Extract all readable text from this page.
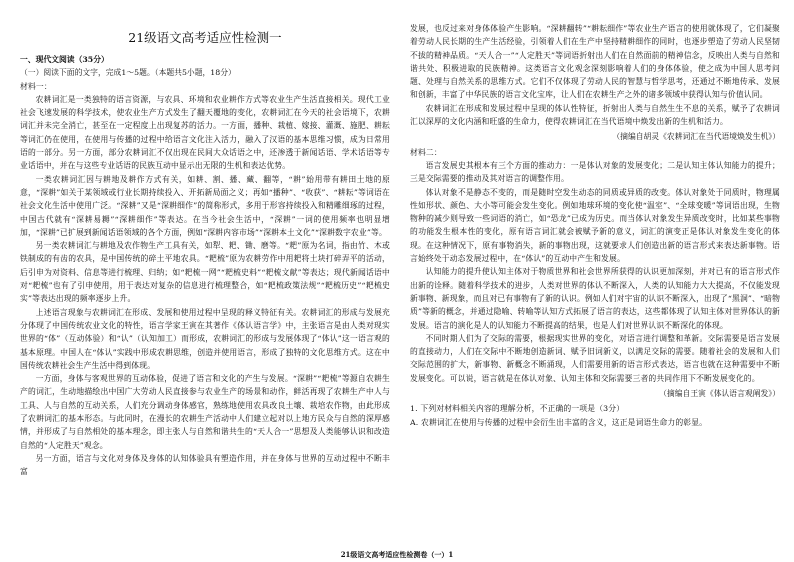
21级语文高考适应性检测一
一、现代文阅读（35分）
（一）阅读下面的文字，完成1～5题。（本题共5小题，18分）

材料一：

农耕词汇是一类独特的语言资源，与农具、环境和农业耕作方式等农业生产生活直接相关。现代工业社会飞速发展的科学技术，使农业生产方式发生了翻天覆地的变化，农耕词汇在今天的社会语境下，农耕词汇并未完全消亡，甚至在一定程度上出现复苏的活力。一方面，播种、栽植、嫁接、灌溉、施肥、耕耘等词汇仍在使用，在使用与传播的过程中给语言文化注入活力，融入了汉语的基本思维习惯，成为日常用语的一部分。另一方面，部分农耕词汇不仅出现在民间大众话语之中，还渗透于新闻话语、学术话语等专业话语中，并在与这些专业话语的民族互动中显示出无限的生机和表达优势。

一类农耕词汇因与耕地及耕作方式有关，如耕、割、播、藏、翻等，“耕”始用带有耕田土地的原意，“深耕”如关于某领域或行业长期持续投入、开拓新局面之义；再如“播种”、“收获”、“耕耘”等词语在社会文化生活中使用广泛。“深耕”又是“深耕细作”的简称形式，多用于形容持续投入和精雕细琢的过程，中国古代就有“深耕易耨”“深耕细作”等表达。在当今社会生活中，“深耕”一词的使用频率也明显增加，“深耕”已扩展到新闻话语领域的各个方面，例如“深耕内容市场”“深耕本土文化”“深耕数字农业”等。

另一类农耕词汇与耕地及农作物生产工具有关，如犁、耙、锄、磨等。“耙”原为名词，指由竹、木或铁制成的有齿的农具，是中国传统的碎土平地农具。“耙梳”原为农耕劳作中用耙将土块打碎弄平的活动，后引申为对资料、信息等进行梳理、归纳；如“耙梳一网”“耙梳史料”“耙梳文献”等表达；现代新闻话语中对“耙梳”也有了引申使用，用于表达对复杂的信息进行梳理整合，如“耙梳政策法规”“耙梳历史”“耙梳史实”等表达出现的频率逐步上升。

上述语言现象与农耕词汇在形成、发展和使用过程中呈现的释义特征有关。农耕词汇的形成与发展充分体现了中国传统农业文化的特性，语言学家王寅在其著作《体认语言学》中，主张语言是由人类对现实世界的“体”（互动体验）和“认”（认知加工）而形成，农耕词汇的形成与发展体现了“体认”这一语言观的基本原理。中国人在“体认”实践中形成农耕思维，创造并使用语言，形成了独特的文化思维方式。这在中国传统农耕社会生产生活中得到体现。

一方面，身体与客观世界的互动体验，促进了语言和文化的产生与发展。“深耕”“耙梳”等源自农耕生产的词汇，生动地描绘出中国广大劳动人民直接参与农业生产的场景和动作，鲜活再现了农耕生产中人与工具、人与自然的互动关系，人们充分调动身体感官，熟练地使用农具改良土壤、栽培农作物，由此形成了农耕词汇的基本形态。与此同时，在漫长的农耕生产活动中人们建立起对以上地方民众与自然的深厚感情，并形成了与自然相处的基本理念，即主张人与自然和谐共生的“天人合一”思想及人类能够认识和改造自然的“人定胜天”观念。

另一方面，语言与文化对身体及身体的认知体验具有塑造作用，并在身体与世界的互动过程中不断丰富

发展，也反过来对身体体验产生影响。“深耕翻转”“耕耘细作”等农业生产语言的使用就体现了，它们凝聚着劳动人民长期的生产生活经验，引领着人们在生产中坚持精耕细作的同时，也逐步塑造了劳动人民坚韧不拔的精神品质。“天人合一”“人定胜天”等词语折射出人们在自然面前的精神信念，反映出人类与自然和谐共处、积极进取的民族精神。这类语言文化观念深刻影响着人们的身体体验，使之成为中国人思考问题、处理与自然关系的思维方式。它们不仅体现了劳动人民的智慧与哲学思考，还通过不断地传承、发展和创新，丰富了中华民族的语言文化宝库，让人们在农耕生产之外的诸多领域中获得认知与价值认同。

农耕词汇在形成和发展过程中呈现的体认性特征，折射出人类与自然生生不息的关系，赋予了农耕词汇以深厚的文化内涵和旺盛的生命力，使得农耕词汇在当代语境中焕发出新的生机和活力。

（摘编自胡灵《农耕词汇在当代语境焕发生机》）

材料二：

语言发展史其根本有三个方面的推动力：一是体认对象的发展变化；二是认知主体认知能力的提升；三是交际需要的推动及其对语言的调整作用。

体认对象不是静态不变的，而是随时空发生动态的同质或异质的改变。体认对象处于同质时，物理属性如形状、颜色、大小等可能会发生变化。例如地球环境的变化使“温室”、“全球变暖”等词语出现，生物物种的减少则导致一些词语的消亡，如“恐龙”已成为历史。而当体认对象发生异质改变时，比如某些事物的功能发生根本性的变化，原有语言词汇就会被赋予新的意义，词汇的演变正是体认对象发生变化的体现。在这种情况下，原有事物消失，新的事物出现，这就要求人们创造出新的语言形式来表达新事物。语言始终处于动态发展过程中，在“体认”的互动中产生和发展。

认知能力的提升使认知主体对于物质世界和社会世界所获得的认识更加深刻，并对已有的语言形式作出新的诠释。随着科学技术的进步，人类对世界的体认不断深入，人类的认知能力大大提高，不仅能发现新事物、新现象，而且对已有事物有了新的认识。例如人们对宇宙的认识不断深入，出现了“黑洞”、“暗物质”等新的概念，并通过隐喻、转喻等认知方式拓展了语言的表达，这些都体现了认知主体对世界体认的新发展。语言的演化是人的认知能力不断提高的结果，也是人们对世界认识不断深化的体现。

不同时期人们为了交际的需要，根据现实世界的变化，对语言进行调整和革新。交际需要是语言发展的直接动力，人们在交际中不断地创造新词、赋予旧词新义，以满足交际的需要。随着社会的发展和人们交际范围的扩大，新事物、新概念不断涌现，人们需要用新的语言形式表达，语言也就在这种需要中不断发展变化。可以说，语言就是在体认对象、认知主体和交际需要三者的共同作用下不断发展变化的。

（摘编自王寅《体认语言观阐发》）

1. 下列对材料相关内容的理解分析，不正确的一项是（3分）

A. 农耕词汇在使用与传播的过程中会衍生出丰富的含义，这正是词语生命力的彰显。

21级语文高考适应性检测卷（一）1
